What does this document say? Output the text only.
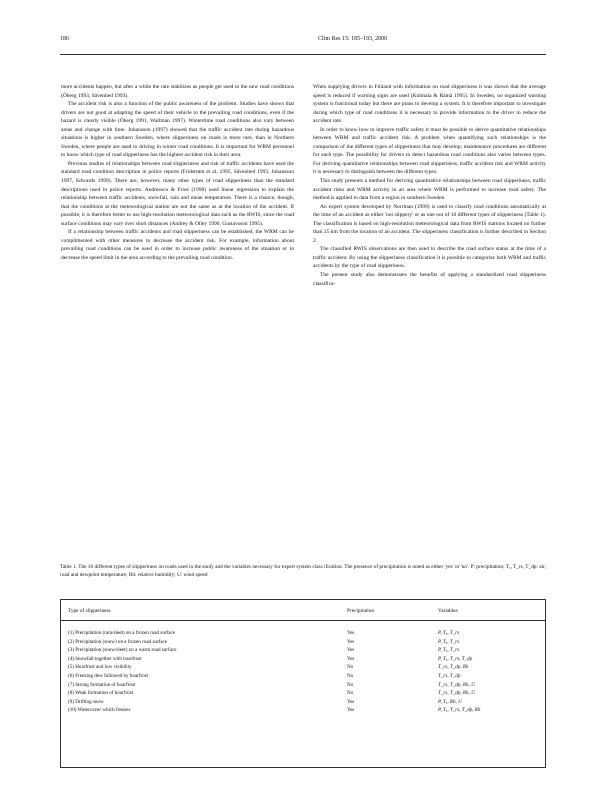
186	Clim Res 15: 185–193, 2000

more accidents happen, but after a while the rate stabilizes as people get used to the new road conditions (Öberg 1993, Sävenhed 1993).

The accident risk is also a function of the public awareness of the problem. Studies have shown that drivers are not good at adapting the speed of their vehicle to the prevailing road conditions, even if the hazard is clearly visible (Öberg 1991, Wallman 1997). Wintertime road conditions also vary between areas and change with time. Johansson (1997) showed that the traffic accident rate during hazardous situations is higher in southern Sweden, where slipperiness on roads is more rare, than in Northern Sweden, where people are used to driving in winter road conditions. It is important for WRM personnel to know which type of road slipperiness has the highest accident risk in their area.

Previous studies of relationships between road slipperiness and risk of traffic accidents have used the standard road condition description in police reports (Fridstrøm et al. 1995, Sävenhed 1993, Johansson 1997, Edwards 1999). There are, however, many other types of road slipperiness than the standard descriptions used in police reports. Andreescu & Frost (1998) used linear regression to explain the relationship between traffic accidents, snowfall, rain and mean temperature. There is a chance, though, that the conditions at the meteorological station are not the same as at the location of the accident. If possible, it is therefore better to use high-resolution meteorological data such as the RWIS, since the road surface conditions may vary over short distances (Andrey & Olley 1990, Gustavsson 1995).

If a relationship between traffic accidents and road slipperiness can be established, the WRM can be complimented with other measures to decrease the accident risk. For example, information about prevailing road conditions can be used in order to increase public awareness of the situation or to decrease the speed limit in the area according to the prevailing road condition.

When supplying drivers in Finland with information on road slipperiness it was shown that the average speed is reduced if warning signs are used (Kulmala & Rämä 1995). In Sweden, no organized warning system is functional today but there are plans to develop a system. It is therefore important to investigate during which type of road conditions it is necessary to provide information to the driver to reduce the accident rate.

In order to know how to improve traffic safety it must be possible to derive quantitative relationships between WRM and traffic accident risk. A problem when quantifying such relationships is the comparison of the different types of slipperiness that may develop; maintenance procedures are different for each type. The possibility for drivers to detect hazardous road conditions also varies between types. For deriving quantitative relationships between road slipperiness, traffic accident risk and WRM activity it is necessary to distinguish between the different types.

This study presents a method for deriving quantitative relationships between road slipperiness, traffic accident risks and WRM activity in an area where WRM is performed to increase road safety. The method is applied to data from a region in southern Sweden.

An expert system developed by Norrman (1999) is used to classify road conditions automatically at the time of an accident as either 'not slippery' or as one out of 10 different types of slipperiness (Table 1). The classification is based on high-resolution meteorological data from RWIS stations located no further than 25 km from the location of an accident. The slipperiness classification is further described in Section 2.

The classified RWIS observations are then used to describe the road surface status at the time of a traffic accident. By using the slipperiness classification it is possible to categorize both WRM and traffic accidents by the type of road slipperiness.

The present study also demonstrates the benefits of applying a standardized road slipperiness classifica-

Table 1. The 10 different types of slipperiness on roads used in the study and the variables necessary for expert system class ification. The presence of precipitation is noted as either 'yes' or 'no'. P: precipitation; Tₐ, T_rs, T_dp: air, road and dewpoint temperature; Rh: relative humidity; U: wind speed
Type of slipperiness	Precipitation	Variables
(1) Precipitation (rain/sleet) on a frozen road surface	Yes	P, Tₐ, T_rs
(2) Precipitation (snow) on a frozen road surface	Yes	P, Tₐ, T_rs
(3) Precipitation (snow/sleet) on a warm road surface	Yes	P, Tₐ, T_rs
(4) Snowfall together with hoarfrost	Yes	P, Tₐ, T_rs, T_dp
(5) Hoarfrost and low visibility	No	T_rs, T_dp, Rh
(6) Freezing dew followed by hoarfrost	No	T_rs, T_dp
(7) Strong formation of hoarfrost	No	T_rs, T_dp, Rh, U
(8) Weak formation of hoarfrost	No	T_rs, T_dp, Rh, U
(9) Drifting snow	Yes	P, Tₐ, Rh, U
(10) Watercover which freezes	Yes	P, Tₐ, T_rs, T_dp, Rh
